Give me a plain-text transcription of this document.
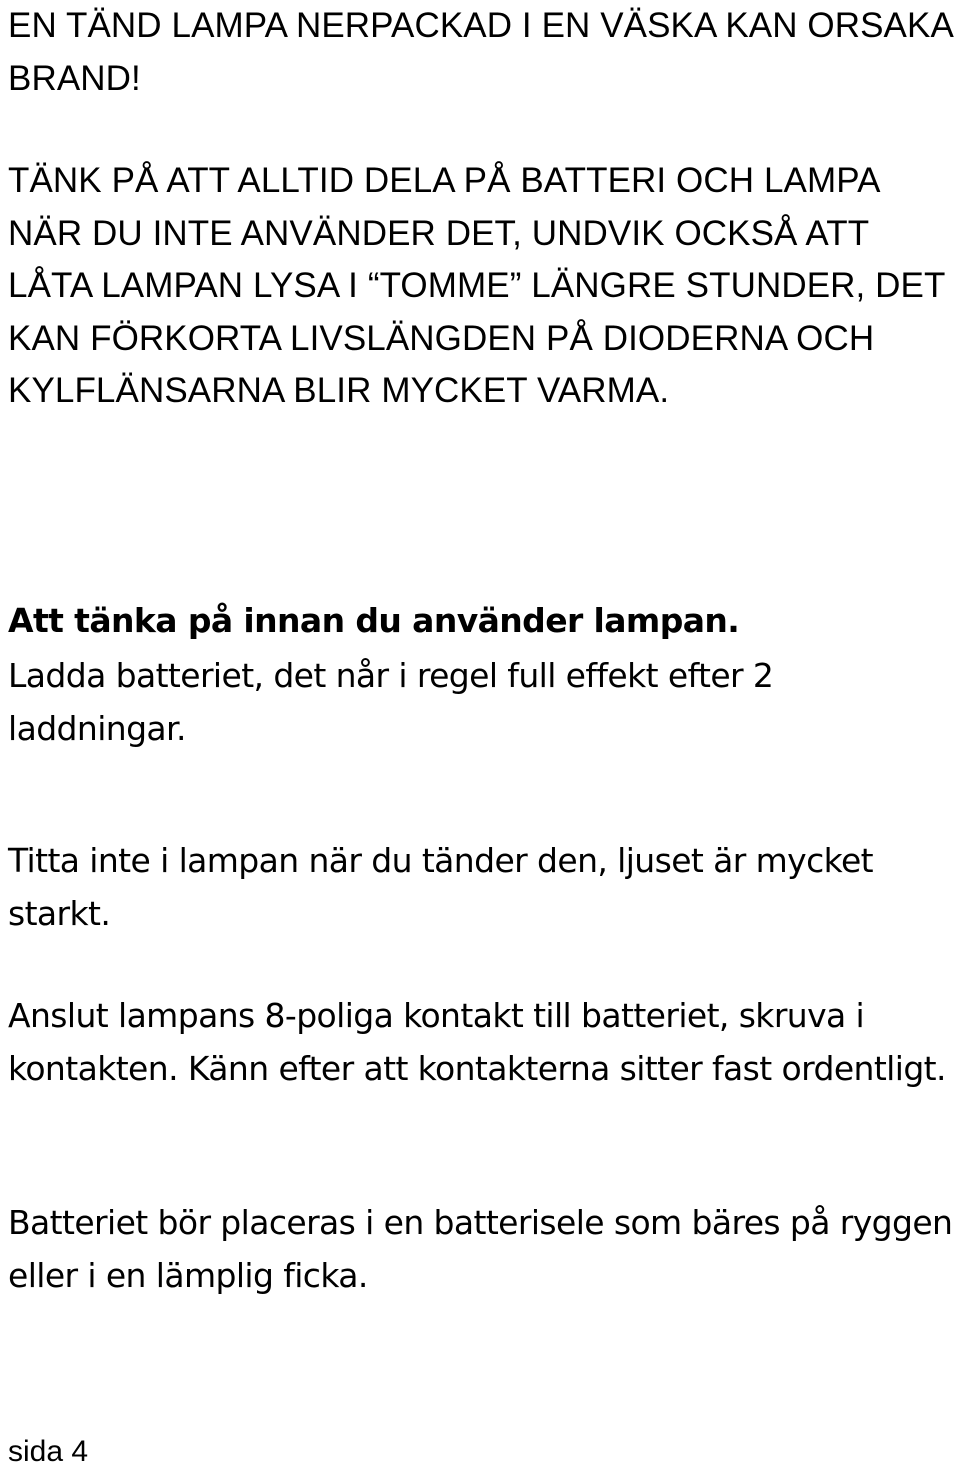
EN TÄND LAMPA NERPACKAD I EN VÄSKA KAN ORSAKA BRAND!

TÄNK PÅ ATT ALLTID DELA PÅ BATTERI OCH LAMPA NÄR DU INTE ANVÄNDER DET, UNDVIK OCKSÅ ATT LÅTA LAMPAN LYSA I “TOMME” LÄNGRE STUNDER, DET KAN FÖRKORTA LIVSLÄNGDEN PÅ DIODERNA OCH KYLFLÄNSARNA BLIR MYCKET VARMA.

Att tänka på innan du använder lampan.

Ladda batteriet, det når i regel full effekt efter 2 laddningar.

Titta inte i lampan när du tänder den, ljuset är mycket starkt.

Anslut lampans 8-poliga kontakt till batteriet, skruva i kontakten. Känn efter att kontakterna sitter fast ordentligt.

Batteriet bör placeras i en batterisele som bäres på ryggen eller i en lämplig ficka.

sida 4
